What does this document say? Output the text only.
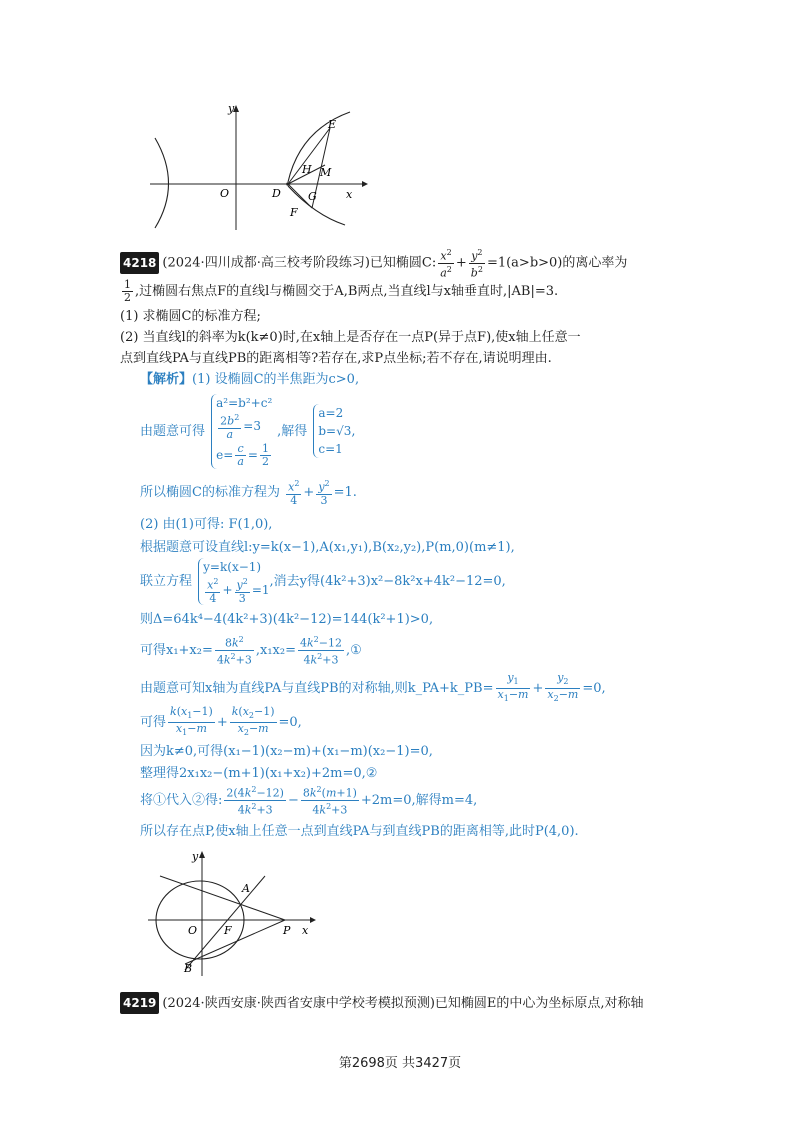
y
x
O	D
E
H M
G
F
4218 (2024·四川成都·高三校考阶段练习)已知椭圆C: $\frac{x^2}{a^2} + \frac{y^2}{b^2} =1(a>b>0)$的离心率为
$\frac{1}{2}$ ,过椭圆右焦点F的直线l与椭圆交于A,B两点,当直线l与x轴垂直时,|AB|=3.
(1) 求椭圆C的标准方程;
(2) 当直线l的斜率为k(k≠0)时,在x轴上是否存在一点P(异于点F),使x轴上任意一
点到直线PA与直线PB的距离相等?若存在,求P点坐标;若不存在,请说明理由.
【解析】(1) 设椭圆C的半焦距为c>0,
由题意可得
a²=b²+c²
$\frac{2b^2}{a} =3$
$e= \frac{c}{a} = \frac{1}{2}$
,解得
a=2
b=√3
c=1
,
所以椭圆C的标准方程为 $\frac{x^2}{4} + \frac{y^2}{3} =1$.
(2) 由(1)可得: F(1,0),
根据题意可设直线l:y=k(x−1),A(x₁,y₁),B(x₂,y₂),P(m,0)(m≠1),
联立方程
y=k(x−1)
$\frac{x^2}{4} + \frac{y^2}{3} =1$
,消去y得(4k²+3)x²−8k²x+4k²−12=0,
则Δ=64k⁴−4(4k²+3)(4k²−12)=144(k²+1)>0,
可得$x_1+x_2= \frac{8k^2}{4k^2+3} ,x_1x_2= \frac{4k^2-12}{4k^2+3}$ ,①
由题意可知x轴为直线PA与直线PB的对称轴,则k_PA+k_PB= $\frac{y_1}{x_1-m} + \frac{y_2}{x_2-m} =0$,
可得 $\frac{k(x_1-1)}{x_1-m} + \frac{k(x_2-1)}{x_2-m} =0$,
因为k≠0,可得(x₁−1)(x₂−m)+(x₁−m)(x₂−1)=0,
整理得2x₁x₂−(m+1)(x₁+x₂)+2m=0,②
将①代入②得: $\frac{2(4k^2-12)}{4k^2+3} - \frac{8k^2(m+1)}{4k^2+3} +2m=0$,解得m=4,
所以存在点P,使x轴上任意一点到直线PA与到直线PB的距离相等,此时P(4,0).
y
x
O F
A
B
P
4219 (2024·陕西安康·陕西省安康中学校考模拟预测)已知椭圆E的中心为坐标原点,对称轴
第2698页 共3427页
